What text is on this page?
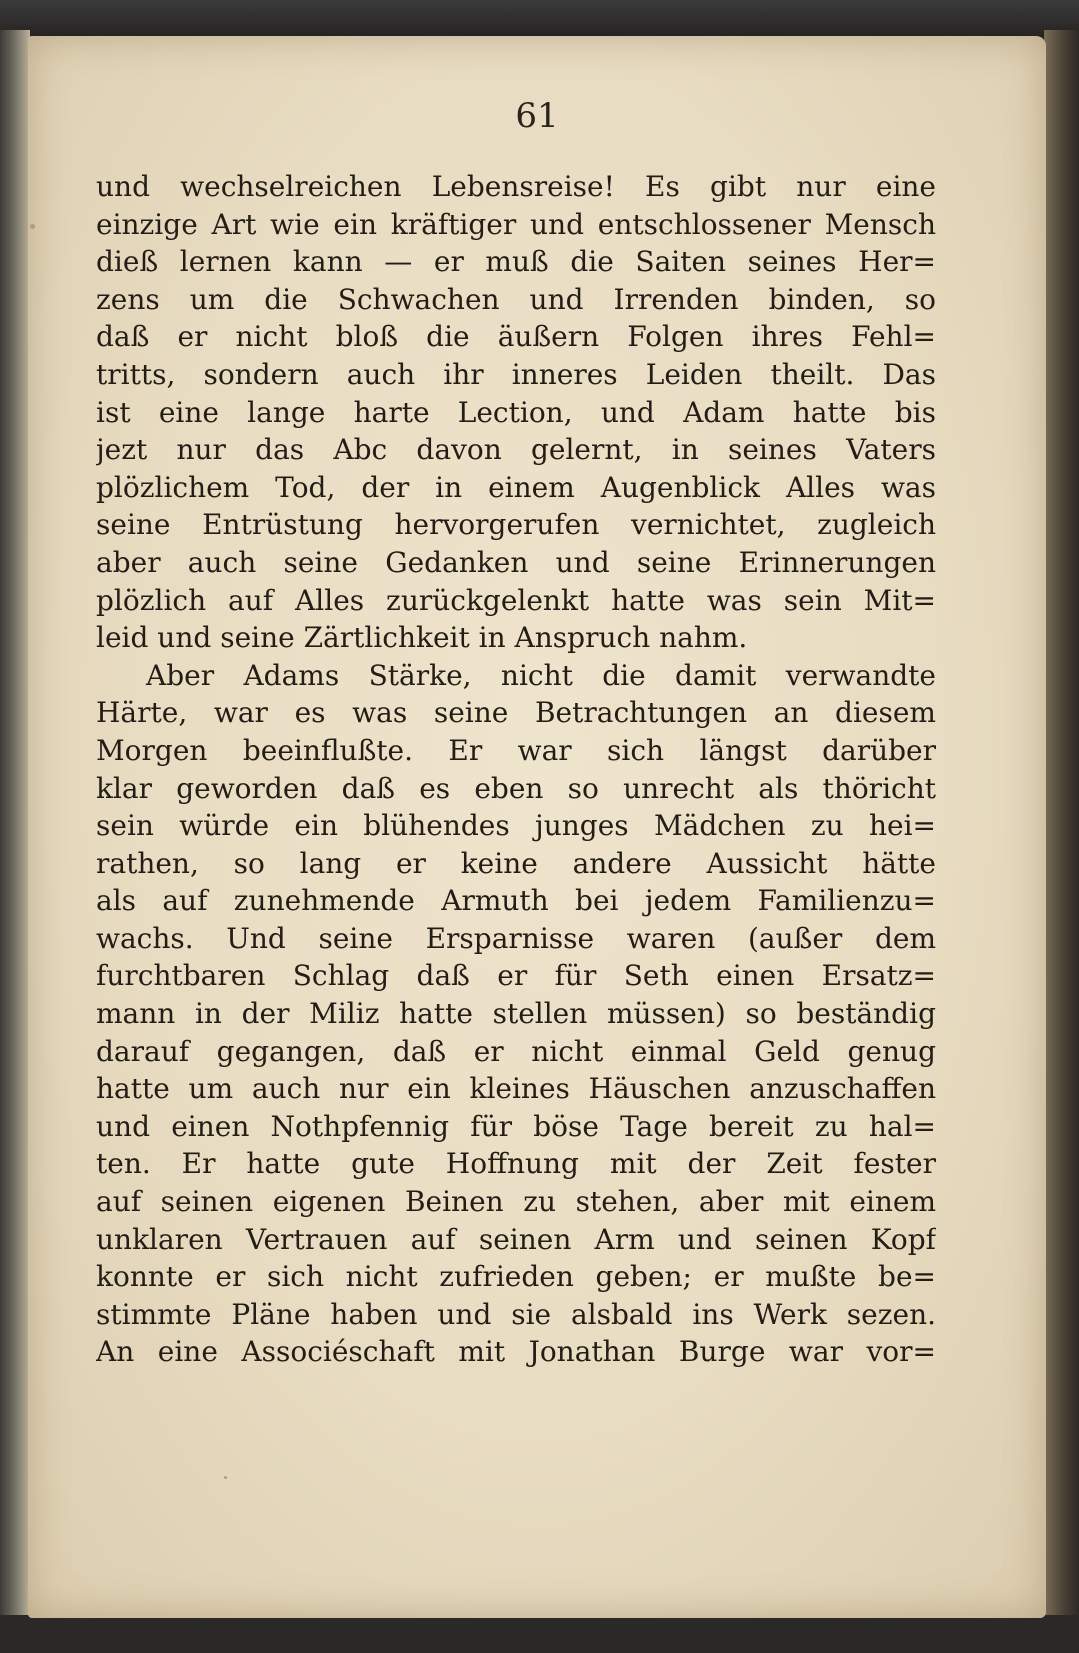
61

und wechselreichen Lebensreise! Es gibt nur eine
einzige Art wie ein kräftiger und entschlossener Mensch
dieß lernen kann — er muß die Saiten seines Her=
zens um die Schwachen und Irrenden binden, so
daß er nicht bloß die äußern Folgen ihres Fehl=
tritts, sondern auch ihr inneres Leiden theilt. Das
ist eine lange harte Lection, und Adam hatte bis
jezt nur das Abc davon gelernt, in seines Vaters
plözlichem Tod, der in einem Augenblick Alles was
seine Entrüstung hervorgerufen vernichtet, zugleich
aber auch seine Gedanken und seine Erinnerungen
plözlich auf Alles zurückgelenkt hatte was sein Mit=
leid und seine Zärtlichkeit in Anspruch nahm.
Aber Adams Stärke, nicht die damit verwandte
Härte, war es was seine Betrachtungen an diesem
Morgen beeinflußte. Er war sich längst darüber
klar geworden daß es eben so unrecht als thöricht
sein würde ein blühendes junges Mädchen zu hei=
rathen, so lang er keine andere Aussicht hätte
als auf zunehmende Armuth bei jedem Familienzu=
wachs. Und seine Ersparnisse waren (außer dem
furchtbaren Schlag daß er für Seth einen Ersatz=
mann in der Miliz hatte stellen müssen) so beständig
darauf gegangen, daß er nicht einmal Geld genug
hatte um auch nur ein kleines Häuschen anzuschaffen
und einen Nothpfennig für böse Tage bereit zu hal=
ten. Er hatte gute Hoffnung mit der Zeit fester
auf seinen eigenen Beinen zu stehen, aber mit einem
unklaren Vertrauen auf seinen Arm und seinen Kopf
konnte er sich nicht zufrieden geben; er mußte be=
stimmte Pläne haben und sie alsbald ins Werk sezen.
An eine Associéschaft mit Jonathan Burge war vor=
